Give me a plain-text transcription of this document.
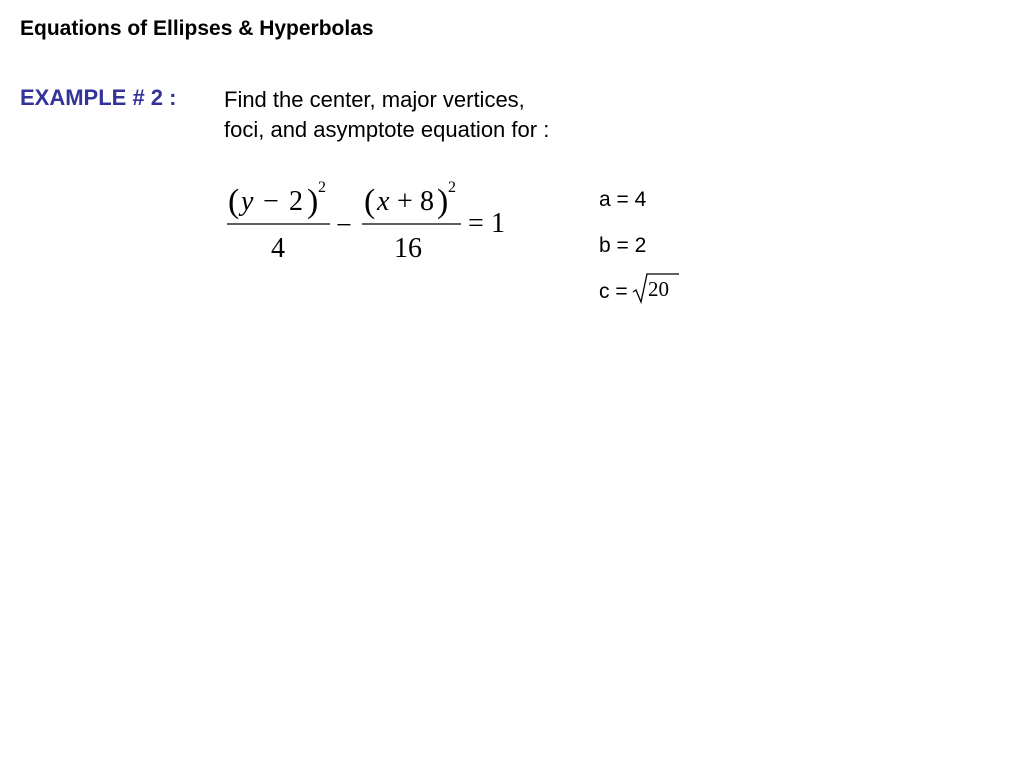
Equations of Ellipses & Hyperbolas
EXAMPLE # 2 : Find the center, major vertices,
foci, and asymptote equation for :
( y − 2 ) 2
4
−
( x + 8 ) 2
16
= 1
a = 4
b = 2
c = 20
